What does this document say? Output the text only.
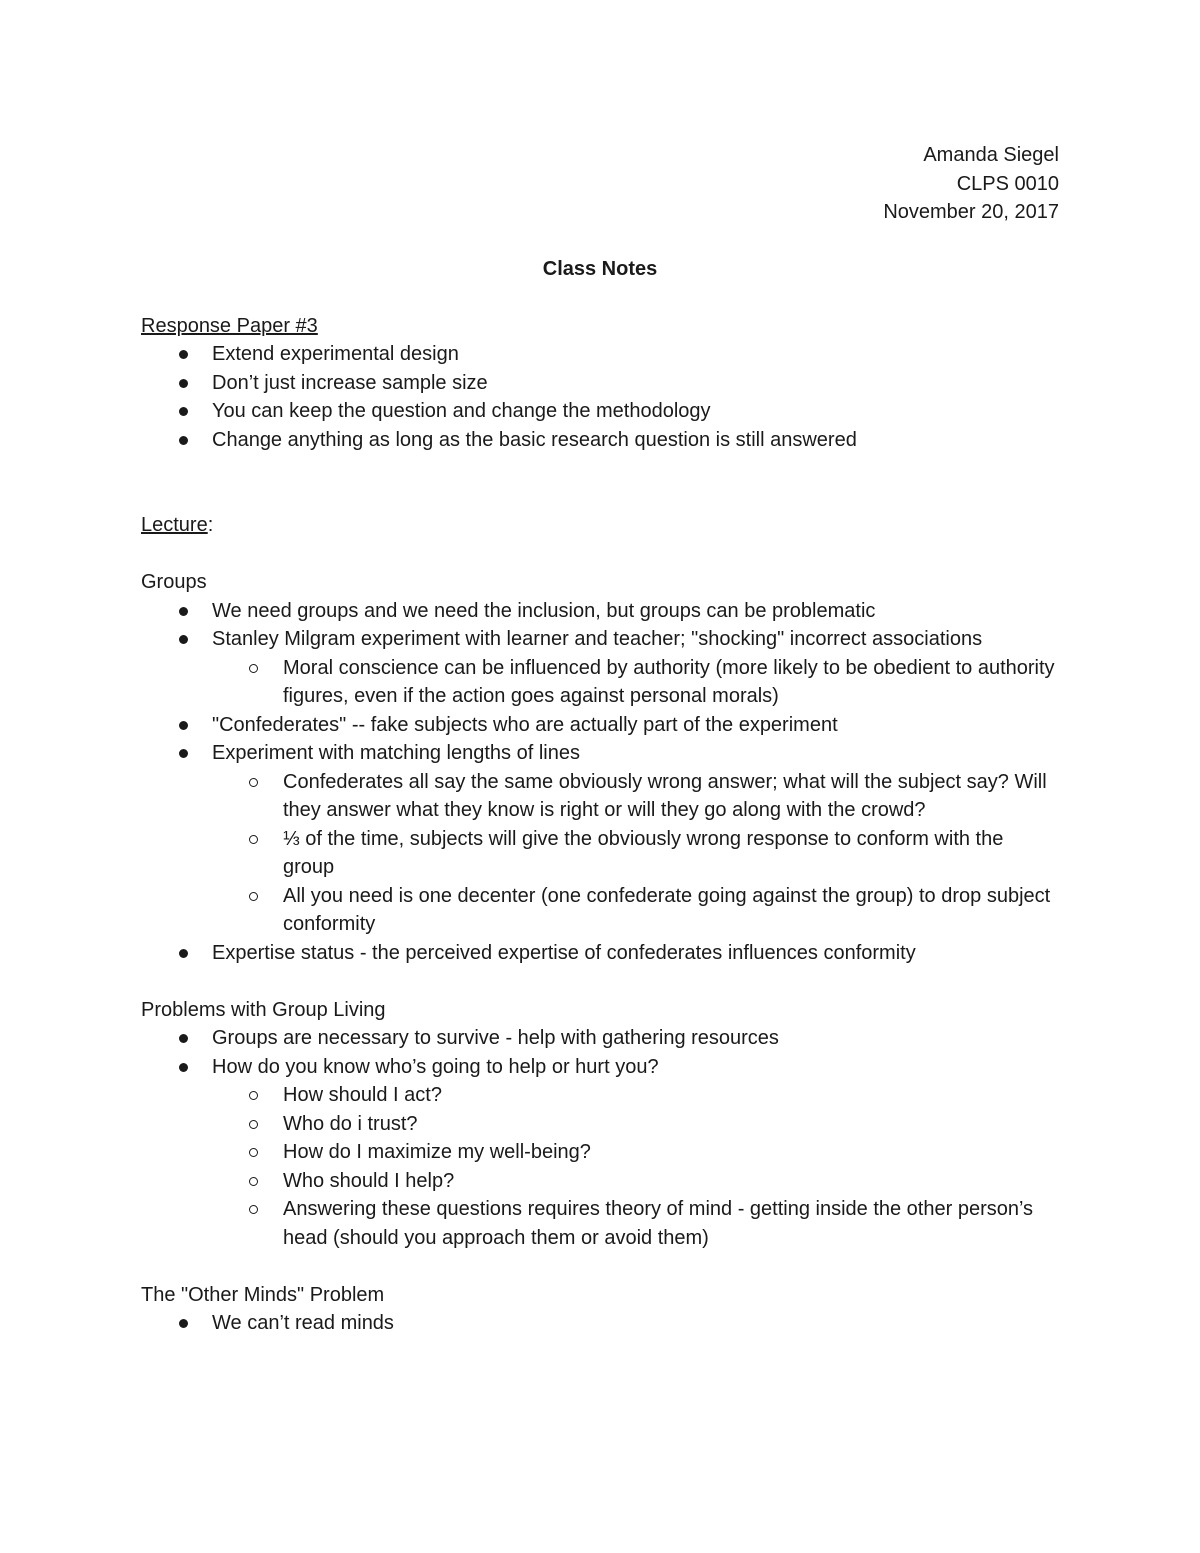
Amanda Siegel
CLPS 0010
November 20, 2017
Class Notes
Response Paper #3
Extend experimental design
Don’t just increase sample size
You can keep the question and change the methodology
Change anything as long as the basic research question is still answered
Lecture:
Groups
We need groups and we need the inclusion, but groups can be problematic
Stanley Milgram experiment with learner and teacher; "shocking" incorrect associations
Moral conscience can be influenced by authority (more likely to be obedient to authority figures, even if the action goes against personal morals)
"Confederates" -- fake subjects who are actually part of the experiment
Experiment with matching lengths of lines
Confederates all say the same obviously wrong answer; what will the subject say? Will they answer what they know is right or will they go along with the crowd?
⅓ of the time, subjects will give the obviously wrong response to conform with the group
All you need is one decenter (one confederate going against the group) to drop subject conformity
Expertise status - the perceived expertise of confederates influences conformity
Problems with Group Living
Groups are necessary to survive - help with gathering resources
How do you know who’s going to help or hurt you?
How should I act?
Who do i trust?
How do I maximize my well-being?
Who should I help?
Answering these questions requires theory of mind - getting inside the other person’s head (should you approach them or avoid them)
The "Other Minds" Problem
We can’t read minds
